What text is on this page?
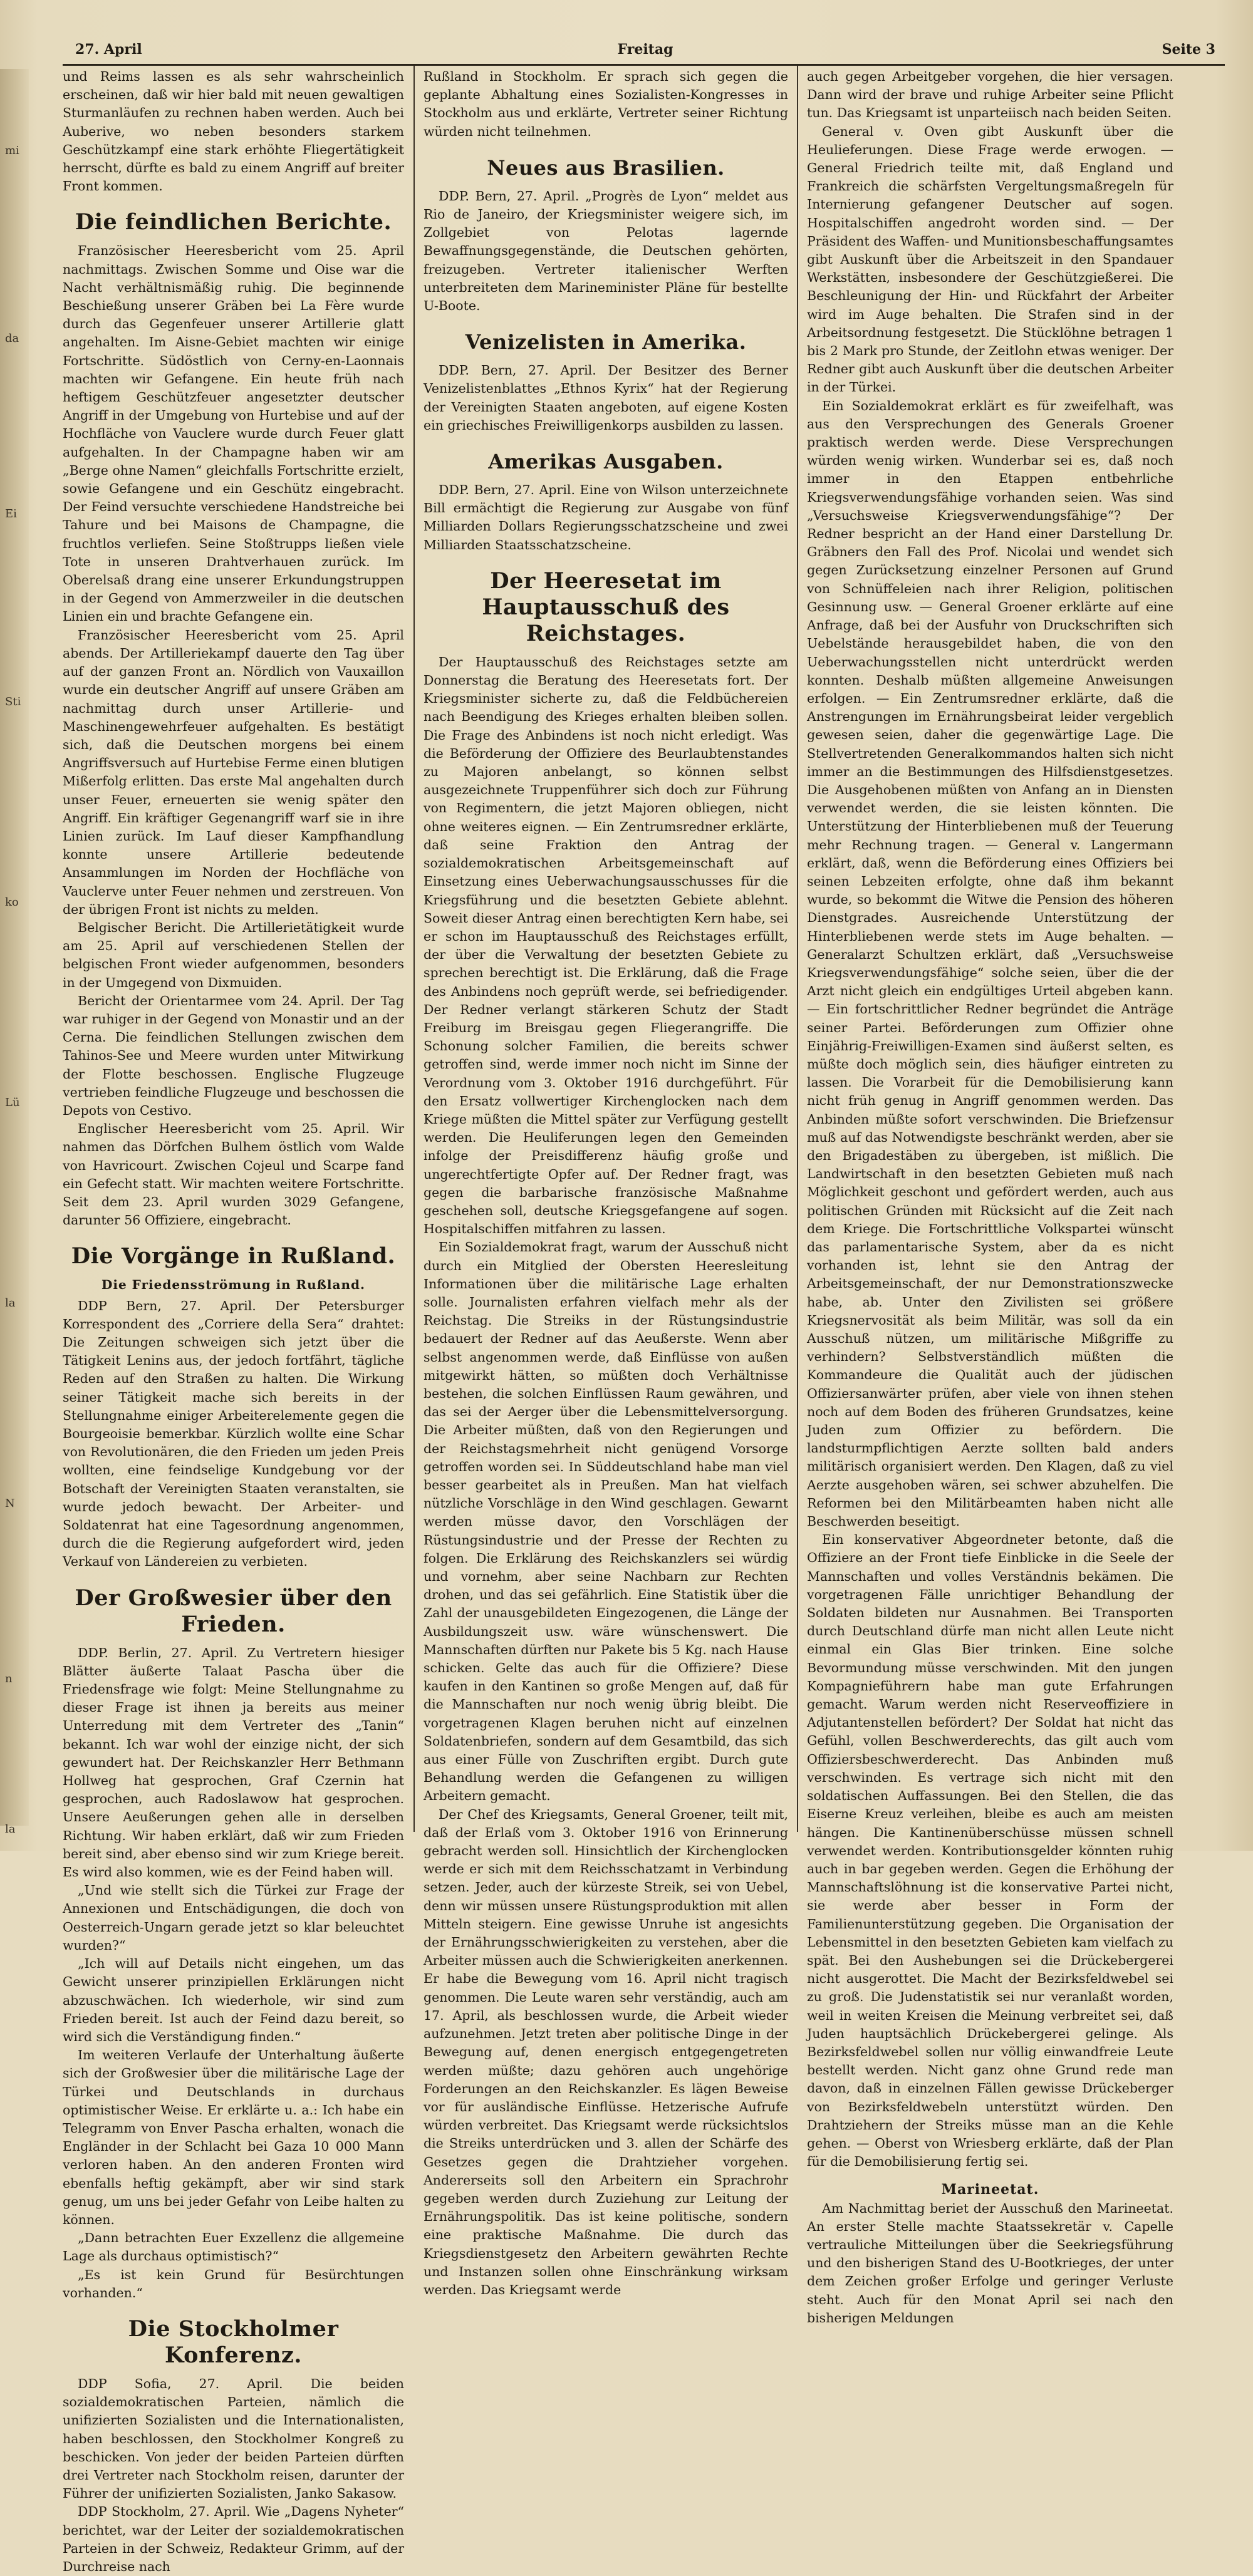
mi
da
Ei
Sti
ko
Lü
la
N
n
la
27. April	Freitag	Seite 3

und Reims lassen es als sehr wahrscheinlich erscheinen, daß wir hier bald mit neuen gewaltigen Sturmanläufen zu rechnen haben werden. Auch bei Auberive, wo neben besonders starkem Geschützkampf eine stark erhöhte Fliegertätigkeit herrscht, dürfte es bald zu einem Angriff auf breiter Front kommen.

Die feindlichen Berichte.

Französischer Heeresbericht vom 25. April nachmittags. Zwischen Somme und Oise war die Nacht verhältnismäßig ruhig. Die beginnende Beschießung unserer Gräben bei La Fère wurde durch das Gegenfeuer unserer Artillerie glatt angehalten. Im Aisne-Gebiet machten wir einige Fortschritte. Südöstlich von Cerny-en-Laonnais machten wir Gefangene. Ein heute früh nach heftigem Geschützfeuer angesetzter deutscher Angriff in der Umgebung von Hurtebise und auf der Hochfläche von Vauclere wurde durch Feuer glatt aufgehalten. In der Champagne haben wir am „Berge ohne Namen“ gleichfalls Fortschritte erzielt, sowie Gefangene und ein Geschütz eingebracht. Der Feind versuchte verschiedene Handstreiche bei Tahure und bei Maisons de Champagne, die fruchtlos verliefen. Seine Stoßtrupps ließen viele Tote in unseren Drahtverhauen zurück. Im Oberelsaß drang eine unserer Erkundungstruppen in der Gegend von Ammerzweiler in die deutschen Linien ein und brachte Gefangene ein.

Französischer Heeresbericht vom 25. April abends. Der Artilleriekampf dauerte den Tag über auf der ganzen Front an. Nördlich von Vauxaillon wurde ein deutscher Angriff auf unsere Gräben am nachmittag durch unser Artillerie- und Maschinengewehrfeuer aufgehalten. Es bestätigt sich, daß die Deutschen morgens bei einem Angriffsversuch auf Hurtebise Ferme einen blutigen Mißerfolg erlitten. Das erste Mal angehalten durch unser Feuer, erneuerten sie wenig später den Angriff. Ein kräftiger Gegenangriff warf sie in ihre Linien zurück. Im Lauf dieser Kampfhandlung konnte unsere Artillerie bedeutende Ansammlungen im Norden der Hochfläche von Vauclerve unter Feuer nehmen und zerstreuen. Von der übrigen Front ist nichts zu melden.

Belgischer Bericht. Die Artillerietätigkeit wurde am 25. April auf verschiedenen Stellen der belgischen Front wieder aufgenommen, besonders in der Umgegend von Dixmuiden.

Bericht der Orientarmee vom 24. April. Der Tag war ruhiger in der Gegend von Monastir und an der Cerna. Die feindlichen Stellungen zwischen dem Tahinos-See und Meere wurden unter Mitwirkung der Flotte beschossen. Englische Flugzeuge vertrieben feindliche Flugzeuge und beschossen die Depots von Cestivo.

Englischer Heeresbericht vom 25. April. Wir nahmen das Dörfchen Bulhem östlich vom Walde von Havricourt. Zwischen Cojeul und Scarpe fand ein Gefecht statt. Wir machten weitere Fortschritte. Seit dem 23. April wurden 3029 Gefangene, darunter 56 Offiziere, eingebracht.

Die Vorgänge in Rußland.
Die Friedensströmung in Rußland.

DDP Bern, 27. April. Der Petersburger Korrespondent des „Corriere della Sera“ drahtet: Die Zeitungen schweigen sich jetzt über die Tätigkeit Lenins aus, der jedoch fortfährt, tägliche Reden auf den Straßen zu halten. Die Wirkung seiner Tätigkeit mache sich bereits in der Stellungnahme einiger Arbeiterelemente gegen die Bourgeoisie bemerkbar. Kürzlich wollte eine Schar von Revolutionären, die den Frieden um jeden Preis wollten, eine feindselige Kundgebung vor der Botschaft der Vereinigten Staaten veranstalten, sie wurde jedoch bewacht. Der Arbeiter- und Soldatenrat hat eine Tagesordnung angenommen, durch die die Regierung aufgefordert wird, jeden Verkauf von Ländereien zu verbieten.

Der Großwesier über den Frieden.

DDP. Berlin, 27. April. Zu Vertretern hiesiger Blätter äußerte Talaat Pascha über die Friedensfrage wie folgt: Meine Stellungnahme zu dieser Frage ist ihnen ja bereits aus meiner Unterredung mit dem Vertreter des „Tanin“ bekannt. Ich war wohl der einzige nicht, der sich gewundert hat. Der Reichskanzler Herr Bethmann Hollweg hat gesprochen, Graf Czernin hat gesprochen, auch Radoslawow hat gesprochen. Unsere Aeußerungen gehen alle in derselben Richtung. Wir haben erklärt, daß wir zum Frieden bereit sind, aber ebenso sind wir zum Kriege bereit. Es wird also kommen, wie es der Feind haben will.

„Und wie stellt sich die Türkei zur Frage der Annexionen und Entschädigungen, die doch von Oesterreich-Ungarn gerade jetzt so klar beleuchtet wurden?“

„Ich will auf Details nicht eingehen, um das Gewicht unserer prinzipiellen Erklärungen nicht abzuschwächen. Ich wiederhole, wir sind zum Frieden bereit. Ist auch der Feind dazu bereit, so wird sich die Verständigung finden.“

Im weiteren Verlaufe der Unterhaltung äußerte sich der Großwesier über die militärische Lage der Türkei und Deutschlands in durchaus optimistischer Weise. Er erklärte u. a.: Ich habe ein Telegramm von Enver Pascha erhalten, wonach die Engländer in der Schlacht bei Gaza 10 000 Mann verloren haben. An den anderen Fronten wird ebenfalls heftig gekämpft, aber wir sind stark genug, um uns bei jeder Gefahr von Leibe halten zu können.

„Dann betrachten Euer Exzellenz die allgemeine Lage als durchaus optimistisch?“

„Es ist kein Grund für Besürchtungen vorhanden.“

Die Stockholmer Konferenz.

DDP Sofia, 27. April. Die beiden sozialdemokratischen Parteien, nämlich die unifizierten Sozialisten und die Internationalisten, haben beschlossen, den Stockholmer Kongreß zu beschicken. Von jeder der beiden Parteien dürften drei Vertreter nach Stockholm reisen, darunter der Führer der unifizierten Sozialisten, Janko Sakasow.

DDP Stockholm, 27. April. Wie „Dagens Nyheter“ berichtet, war der Leiter der sozialdemokratischen Parteien in der Schweiz, Redakteur Grimm, auf der Durchreise nach

Rußland in Stockholm. Er sprach sich gegen die geplante Abhaltung eines Sozialisten-Kongresses in Stockholm aus und erklärte, Vertreter seiner Richtung würden nicht teilnehmen.

Neues aus Brasilien.

DDP. Bern, 27. April. „Progrès de Lyon“ meldet aus Rio de Janeiro, der Kriegsminister weigere sich, im Zollgebiet von Pelotas lagernde Bewaffnungsgegenstände, die Deutschen gehörten, freizugeben. Vertreter italienischer Werften unterbreiteten dem Marineminister Pläne für bestellte U-Boote.

Venizelisten in Amerika.

DDP. Bern, 27. April. Der Besitzer des Berner Venizelistenblattes „Ethnos Kyrix“ hat der Regierung der Vereinigten Staaten angeboten, auf eigene Kosten ein griechisches Freiwilligenkorps ausbilden zu lassen.

Amerikas Ausgaben.

DDP. Bern, 27. April. Eine von Wilson unterzeichnete Bill ermächtigt die Regierung zur Ausgabe von fünf Milliarden Dollars Regierungsschatzscheine und zwei Milliarden Staatsschatzscheine.

Der Heeresetat im Hauptausschuß des Reichstages.

Der Hauptausschuß des Reichstages setzte am Donnerstag die Beratung des Heeresetats fort. Der Kriegsminister sicherte zu, daß die Feldbüchereien nach Beendigung des Krieges erhalten bleiben sollen. Die Frage des Anbindens ist noch nicht erledigt. Was die Beförderung der Offiziere des Beurlaubtenstandes zu Majoren anbelangt, so können selbst ausgezeichnete Truppenführer sich doch zur Führung von Regimentern, die jetzt Majoren obliegen, nicht ohne weiteres eignen. — Ein Zentrumsredner erklärte, daß seine Fraktion den Antrag der sozialdemokratischen Arbeitsgemeinschaft auf Einsetzung eines Ueberwachungsausschusses für die Kriegsführung und die besetzten Gebiete ablehnt. Soweit dieser Antrag einen berechtigten Kern habe, sei er schon im Hauptausschuß des Reichstages erfüllt, der über die Verwaltung der besetzten Gebiete zu sprechen berechtigt ist. Die Erklärung, daß die Frage des Anbindens noch geprüft werde, sei befriedigender. Der Redner verlangt stärkeren Schutz der Stadt Freiburg im Breisgau gegen Fliegerangriffe. Die Schonung solcher Familien, die bereits schwer getroffen sind, werde immer noch nicht im Sinne der Verordnung vom 3. Oktober 1916 durchgeführt. Für den Ersatz vollwertiger Kirchenglocken nach dem Kriege müßten die Mittel später zur Verfügung gestellt werden. Die Heuliferungen legen den Gemeinden infolge der Preisdifferenz häufig große und ungerechtfertigte Opfer auf. Der Redner fragt, was gegen die barbarische französische Maßnahme geschehen soll, deutsche Kriegsgefangene auf sogen. Hospitalschiffen mitfahren zu lassen.

Ein Sozialdemokrat fragt, warum der Ausschuß nicht durch ein Mitglied der Obersten Heeresleitung Informationen über die militärische Lage erhalten solle. Journalisten erfahren vielfach mehr als der Reichstag. Die Streiks in der Rüstungsindustrie bedauert der Redner auf das Aeußerste. Wenn aber selbst angenommen werde, daß Einflüsse von außen mitgewirkt hätten, so müßten doch Verhältnisse bestehen, die solchen Einflüssen Raum gewähren, und das sei der Aerger über die Lebensmittelversorgung. Die Arbeiter müßten, daß von den Regierungen und der Reichstagsmehrheit nicht genügend Vorsorge getroffen worden sei. In Süddeutschland habe man viel besser gearbeitet als in Preußen. Man hat vielfach nützliche Vorschläge in den Wind geschlagen. Gewarnt werden müsse davor, den Vorschlägen der Rüstungsindustrie und der Presse der Rechten zu folgen. Die Erklärung des Reichskanzlers sei würdig und vornehm, aber seine Nachbarn zur Rechten drohen, und das sei gefährlich. Eine Statistik über die Zahl der unausgebildeten Eingezogenen, die Länge der Ausbildungszeit usw. wäre wünschenswert. Die Mannschaften dürften nur Pakete bis 5 Kg. nach Hause schicken. Gelte das auch für die Offiziere? Diese kaufen in den Kantinen so große Mengen auf, daß für die Mannschaften nur noch wenig übrig bleibt. Die vorgetragenen Klagen beruhen nicht auf einzelnen Soldatenbriefen, sondern auf dem Gesamtbild, das sich aus einer Fülle von Zuschriften ergibt. Durch gute Behandlung werden die Gefangenen zu willigen Arbeitern gemacht.

Der Chef des Kriegsamts, General Groener, teilt mit, daß der Erlaß vom 3. Oktober 1916 von Erinnerung gebracht werden soll. Hinsichtlich der Kirchenglocken werde er sich mit dem Reichsschatzamt in Verbindung setzen. Jeder, auch der kürzeste Streik, sei von Uebel, denn wir müssen unsere Rüstungsproduktion mit allen Mitteln steigern. Eine gewisse Unruhe ist angesichts der Ernährungsschwierigkeiten zu verstehen, aber die Arbeiter müssen auch die Schwierigkeiten anerkennen. Er habe die Bewegung vom 16. April nicht tragisch genommen. Die Leute waren sehr verständig, auch am 17. April, als beschlossen wurde, die Arbeit wieder aufzunehmen. Jetzt treten aber politische Dinge in der Bewegung auf, denen energisch entgegengetreten werden müßte; dazu gehören auch ungehörige Forderungen an den Reichskanzler. Es lägen Beweise vor für ausländische Einflüsse. Hetzerische Aufrufe würden verbreitet. Das Kriegsamt werde rücksichtslos die Streiks unterdrücken und 3. allen der Schärfe des Gesetzes gegen die Drahtzieher vorgehen. Andererseits soll den Arbeitern ein Sprachrohr gegeben werden durch Zuziehung zur Leitung der Ernährungspolitik. Das ist keine politische, sondern eine praktische Maßnahme. Die durch das Kriegsdienstgesetz den Arbeitern gewährten Rechte und Instanzen sollen ohne Einschränkung wirksam werden. Das Kriegsamt werde

auch gegen Arbeitgeber vorgehen, die hier versagen. Dann wird der brave und ruhige Arbeiter seine Pflicht tun. Das Kriegsamt ist unparteiisch nach beiden Seiten.

General v. Oven gibt Auskunft über die Heulieferungen. Diese Frage werde erwogen. — General Friedrich teilte mit, daß England und Frankreich die schärfsten Vergeltungsmaßregeln für Internierung gefangener Deutscher auf sogen. Hospitalschiffen angedroht worden sind. — Der Präsident des Waffen- und Munitionsbeschaffungsamtes gibt Auskunft über die Arbeitszeit in den Spandauer Werkstätten, insbesondere der Geschützgießerei. Die Beschleunigung der Hin- und Rückfahrt der Arbeiter wird im Auge behalten. Die Strafen sind in der Arbeitsordnung festgesetzt. Die Stücklöhne betragen 1 bis 2 Mark pro Stunde, der Zeitlohn etwas weniger. Der Redner gibt auch Auskunft über die deutschen Arbeiter in der Türkei.

Ein Sozialdemokrat erklärt es für zweifelhaft, was aus den Versprechungen des Generals Groener praktisch werden werde. Diese Versprechungen würden wenig wirken. Wunderbar sei es, daß noch immer in den Etappen entbehrliche Kriegsverwendungsfähige vorhanden seien. Was sind „Versuchsweise Kriegsverwendungsfähige“? Der Redner bespricht an der Hand einer Darstellung Dr. Gräbners den Fall des Prof. Nicolai und wendet sich gegen Zurücksetzung einzelner Personen auf Grund von Schnüffeleien nach ihrer Religion, politischen Gesinnung usw. — General Groener erklärte auf eine Anfrage, daß bei der Ausfuhr von Druckschriften sich Uebelstände herausgebildet haben, die von den Ueberwachungsstellen nicht unterdrückt werden konnten. Deshalb müßten allgemeine Anweisungen erfolgen. — Ein Zentrumsredner erklärte, daß die Anstrengungen im Ernährungsbeirat leider vergeblich gewesen seien, daher die gegenwärtige Lage. Die Stellvertretenden Generalkommandos halten sich nicht immer an die Bestimmungen des Hilfsdienstgesetzes. Die Ausgehobenen müßten von Anfang an in Diensten verwendet werden, die sie leisten könnten. Die Unterstützung der Hinterbliebenen muß der Teuerung mehr Rechnung tragen. — General v. Langermann erklärt, daß, wenn die Beförderung eines Offiziers bei seinen Lebzeiten erfolgte, ohne daß ihm bekannt wurde, so bekommt die Witwe die Pension des höheren Dienstgrades. Ausreichende Unterstützung der Hinterbliebenen werde stets im Auge behalten. — Generalarzt Schultzen erklärt, daß „Versuchsweise Kriegsverwendungsfähige“ solche seien, über die der Arzt nicht gleich ein endgültiges Urteil abgeben kann. — Ein fortschrittlicher Redner begründet die Anträge seiner Partei. Beförderungen zum Offizier ohne Einjährig-Freiwilligen-Examen sind äußerst selten, es müßte doch möglich sein, dies häufiger eintreten zu lassen. Die Vorarbeit für die Demobilisierung kann nicht früh genug in Angriff genommen werden. Das Anbinden müßte sofort verschwinden. Die Briefzensur muß auf das Notwendigste beschränkt werden, aber sie den Brigadestäben zu übergeben, ist mißlich. Die Landwirtschaft in den besetzten Gebieten muß nach Möglichkeit geschont und gefördert werden, auch aus politischen Gründen mit Rücksicht auf die Zeit nach dem Kriege. Die Fortschrittliche Volkspartei wünscht das parlamentarische System, aber da es nicht vorhanden ist, lehnt sie den Antrag der Arbeitsgemeinschaft, der nur Demonstrationszwecke habe, ab. Unter den Zivilisten sei größere Kriegsnervosität als beim Militär, was soll da ein Ausschuß nützen, um militärische Mißgriffe zu verhindern? Selbstverständlich müßten die Kommandeure die Qualität auch der jüdischen Offiziersanwärter prüfen, aber viele von ihnen stehen noch auf dem Boden des früheren Grundsatzes, keine Juden zum Offizier zu befördern. Die landsturmpflichtigen Aerzte sollten bald anders militärisch organisiert werden. Den Klagen, daß zu viel Aerzte ausgehoben wären, sei schwer abzuhelfen. Die Reformen bei den Militärbeamten haben nicht alle Beschwerden beseitigt.

Ein konservativer Abgeordneter betonte, daß die Offiziere an der Front tiefe Einblicke in die Seele der Mannschaften und volles Verständnis bekämen. Die vorgetragenen Fälle unrichtiger Behandlung der Soldaten bildeten nur Ausnahmen. Bei Transporten durch Deutschland dürfe man nicht allen Leute nicht einmal ein Glas Bier trinken. Eine solche Bevormundung müsse verschwinden. Mit den jungen Kompagnieführern habe man gute Erfahrungen gemacht. Warum werden nicht Reserveoffiziere in Adjutantenstellen befördert? Der Soldat hat nicht das Gefühl, vollen Beschwerderechts, das gilt auch vom Offiziersbeschwerderecht. Das Anbinden muß verschwinden. Es vertrage sich nicht mit den soldatischen Auffassungen. Bei den Stellen, die das Eiserne Kreuz verleihen, bleibe es auch am meisten hängen. Die Kantinenüberschüsse müssen schnell verwendet werden. Kontributionsgelder könnten ruhig auch in bar gegeben werden. Gegen die Erhöhung der Mannschaftslöhnung ist die konservative Partei nicht, sie werde aber besser in Form der Familienunterstützung gegeben. Die Organisation der Lebensmittel in den besetzten Gebieten kam vielfach zu spät. Bei den Aushebungen sei die Drückebergerei nicht ausgerottet. Die Macht der Bezirksfeldwebel sei zu groß. Die Judenstatistik sei nur veranlaßt worden, weil in weiten Kreisen die Meinung verbreitet sei, daß Juden hauptsächlich Drückebergerei gelinge. Als Bezirksfeldwebel sollen nur völlig einwandfreie Leute bestellt werden. Nicht ganz ohne Grund rede man davon, daß in einzelnen Fällen gewisse Drückeberger von Bezirksfeldwebeln unterstützt würden. Den Drahtziehern der Streiks müsse man an die Kehle gehen. — Oberst von Wriesberg erklärte, daß der Plan für die Demobilisierung fertig sei.

Marineetat.

Am Nachmittag beriet der Ausschuß den Marineetat. An erster Stelle machte Staatssekretär v. Capelle vertrauliche Mitteilungen über die Seekriegsführung und den bisherigen Stand des U-Bootkrieges, der unter dem Zeichen großer Erfolge und geringer Verluste steht. Auch für den Monat April sei nach den bisherigen Meldungen
